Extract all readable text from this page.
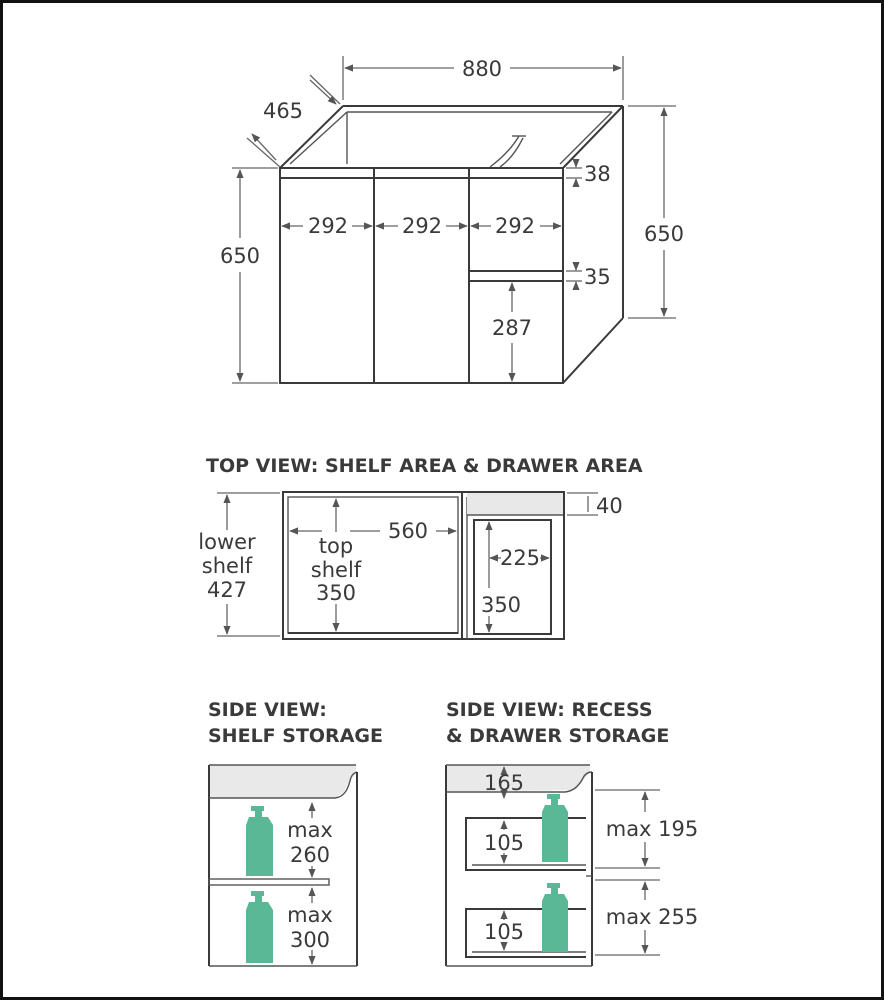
880
465
650
650
292	292	292
38
35
287
TOP VIEW: SHELF AREA & DRAWER AREA
lower
shelf
427
top
shelf
350
560
40
225
350
SIDE VIEW:
SHELF STORAGE
max
260
max
300
SIDE VIEW: RECESS
& DRAWER STORAGE
165
105
105
max 195
max 255
